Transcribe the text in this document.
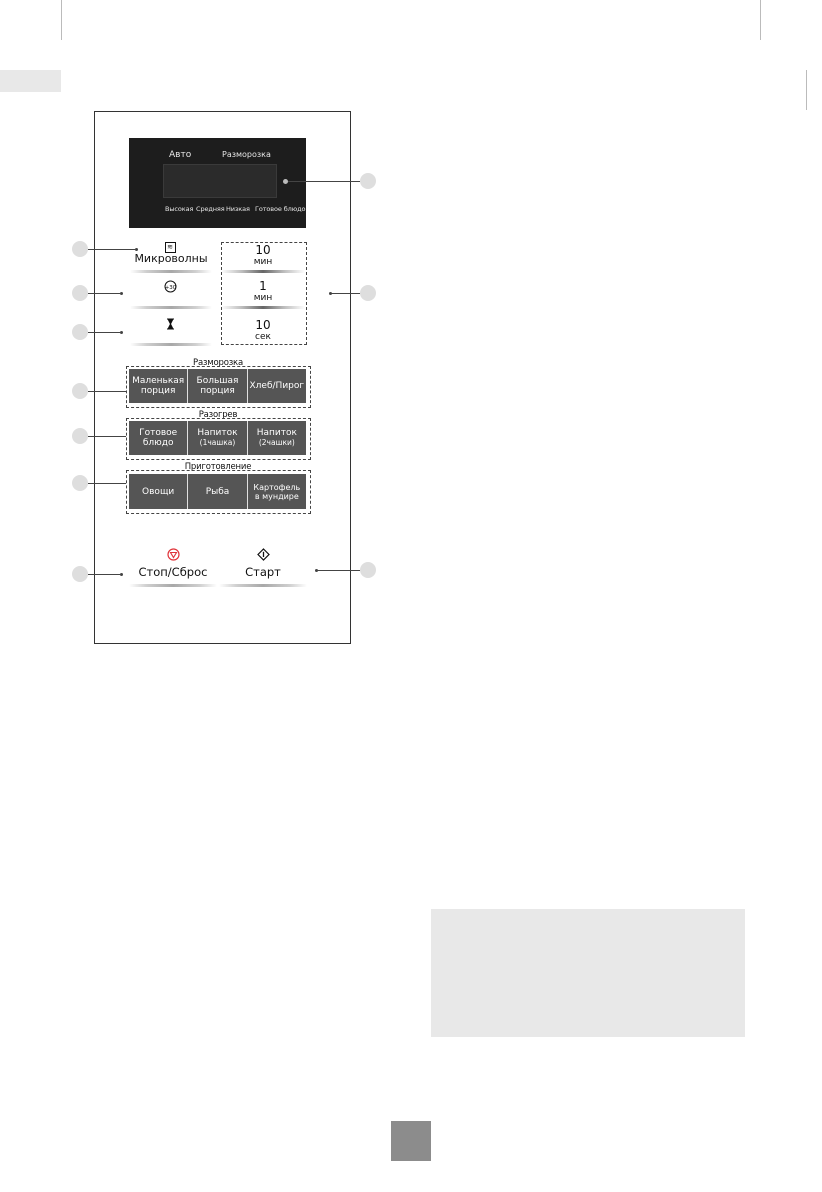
Авто	Разморозка
Высокая Средняя Низкая Готовое блюдо
≋
Микроволны
+30
10
мин
1
мин
10
сек
Разморозка
Маленькая
порция
Большая
порция Хлеб/Пирог
Разогрев
Готовое
блюдо
Напиток
(1чашка)
Напиток
(2чашки)
Приготовление
Овощи	Рыба	Картофель
в мундире
Стоп/Сброс	Старт
